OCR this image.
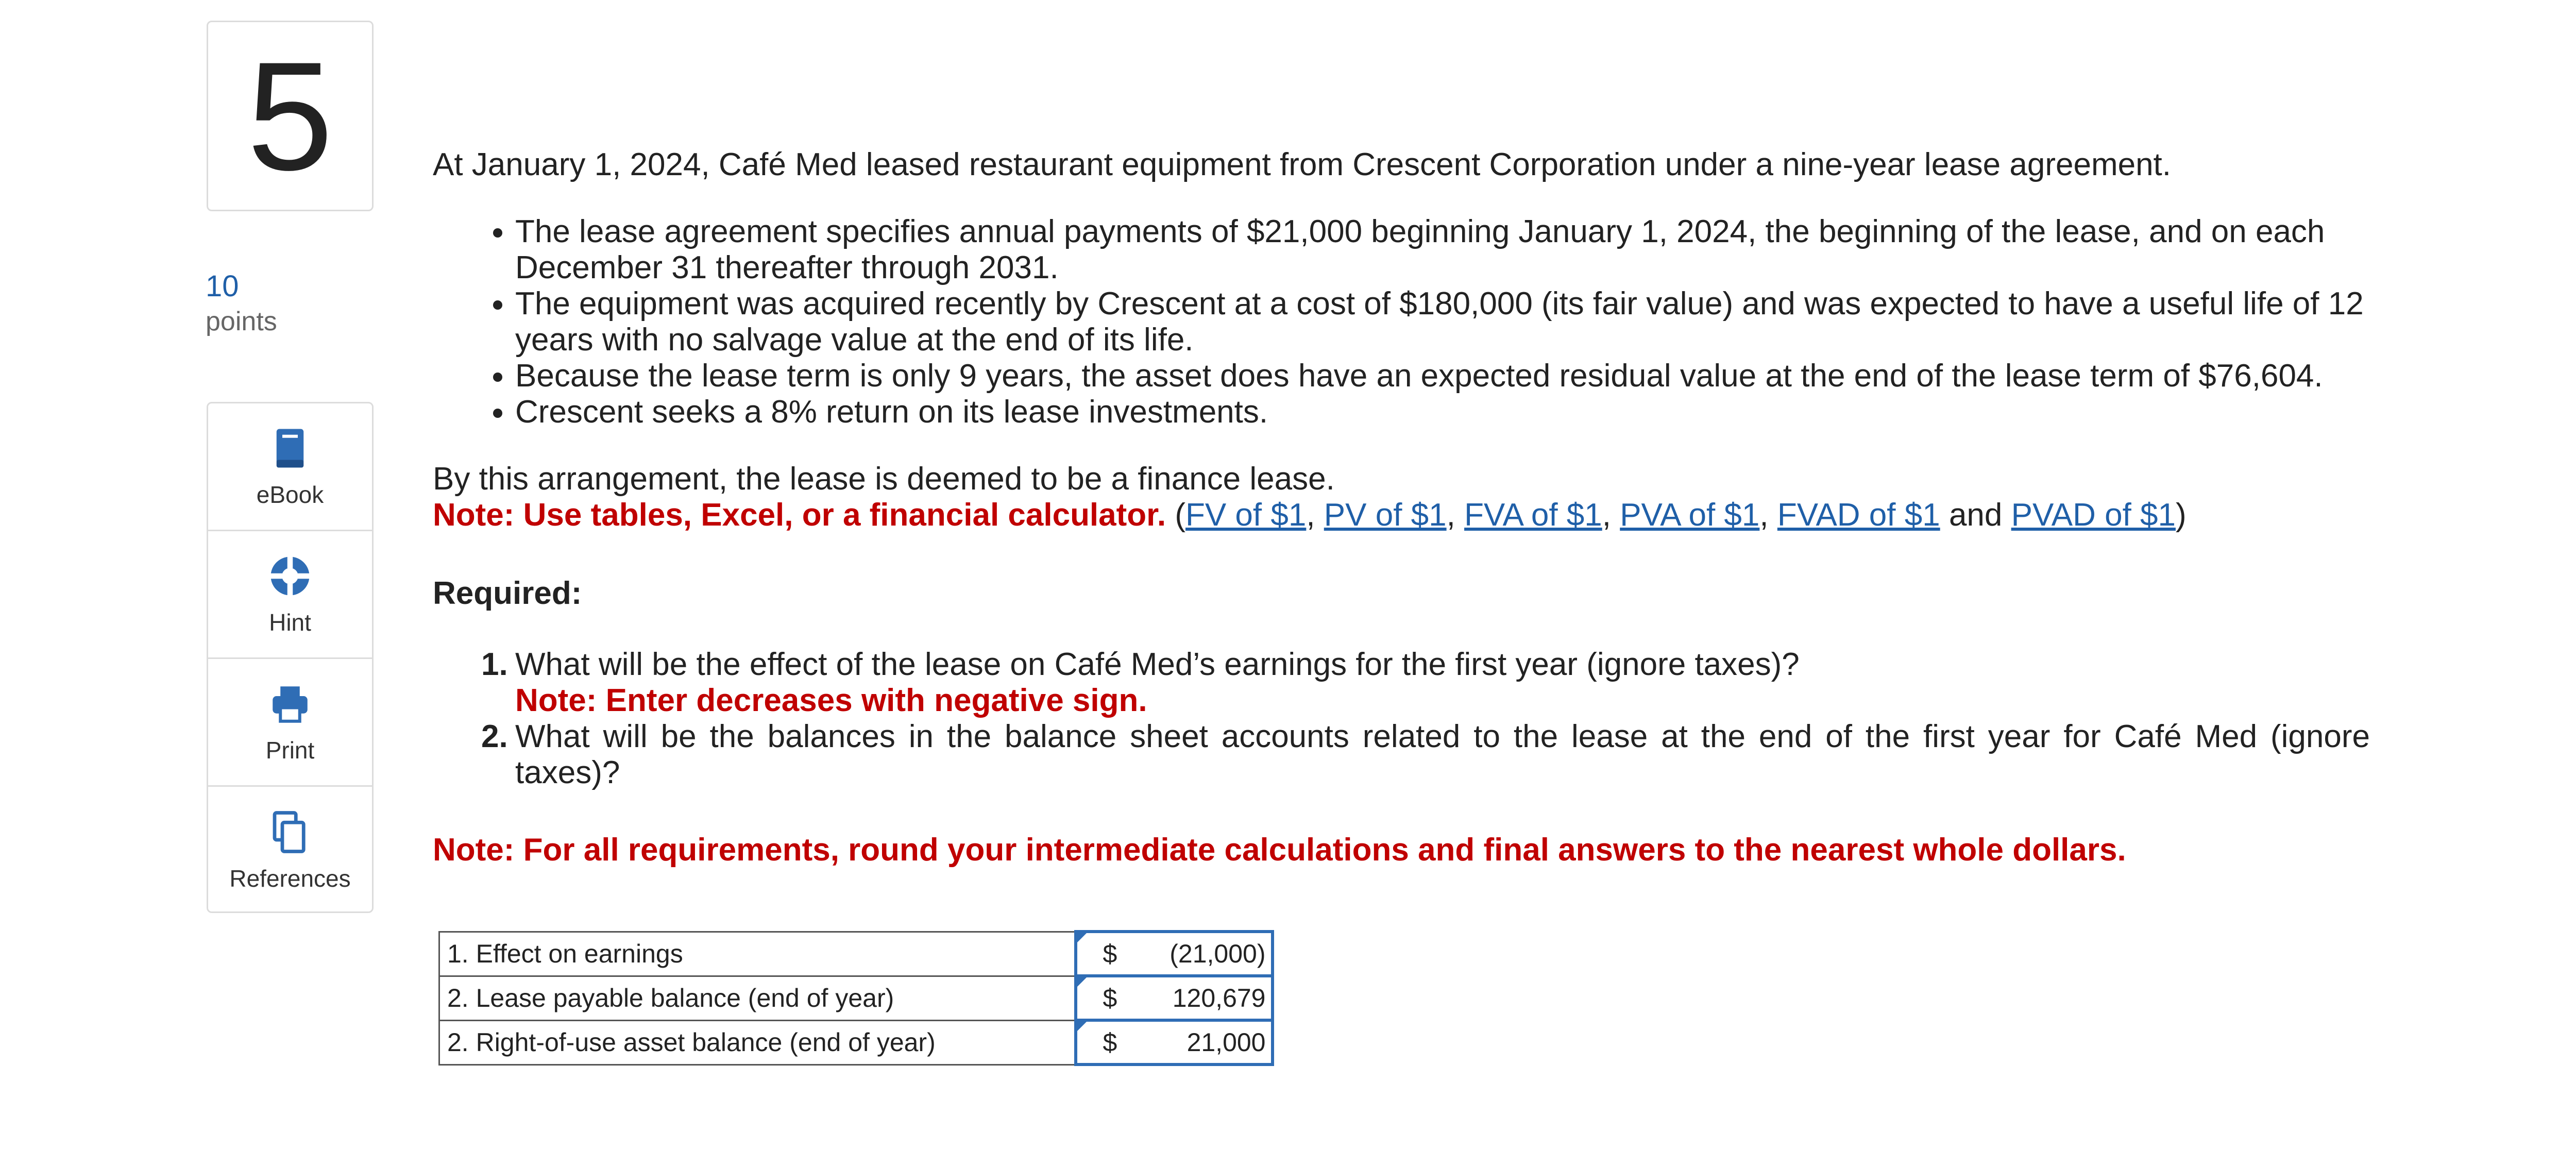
5
10
points
eBook
Hint
Print
References

At January 1, 2024, Café Med leased restaurant equipment from Crescent Corporation under a nine-year lease agreement.

• The lease agreement specifies annual payments of $21,000 beginning January 1, 2024, the beginning of the lease, and on each December 31 thereafter through 2031.
• The equipment was acquired recently by Crescent at a cost of $180,000 (its fair value) and was expected to have a useful life of 12 years with no salvage value at the end of its life.
• Because the lease term is only 9 years, the asset does have an expected residual value at the end of the lease term of $76,604.
• Crescent seeks a 8% return on its lease investments.

By this arrangement, the lease is deemed to be a finance lease.

Note: Use tables, Excel, or a financial calculator. (FV of $1, PV of $1, FVA of $1, PVA of $1, FVAD of $1 and PVAD of $1)

Required:

1. What will be the effect of the lease on Café Med’s earnings for the first year (ignore taxes)?
Note: Enter decreases with negative sign.
2. What will be the balances in the balance sheet accounts related to the lease at the end of the first year for Café Med (ignore taxes)?

Note: For all requirements, round your intermediate calculations and final answers to the nearest whole dollars.

1. Effect on earnings	$ (21,000)

2. Lease payable balance (end of year)	$ 120,679

2. Right-of-use asset balance (end of year)	$ 21,000
